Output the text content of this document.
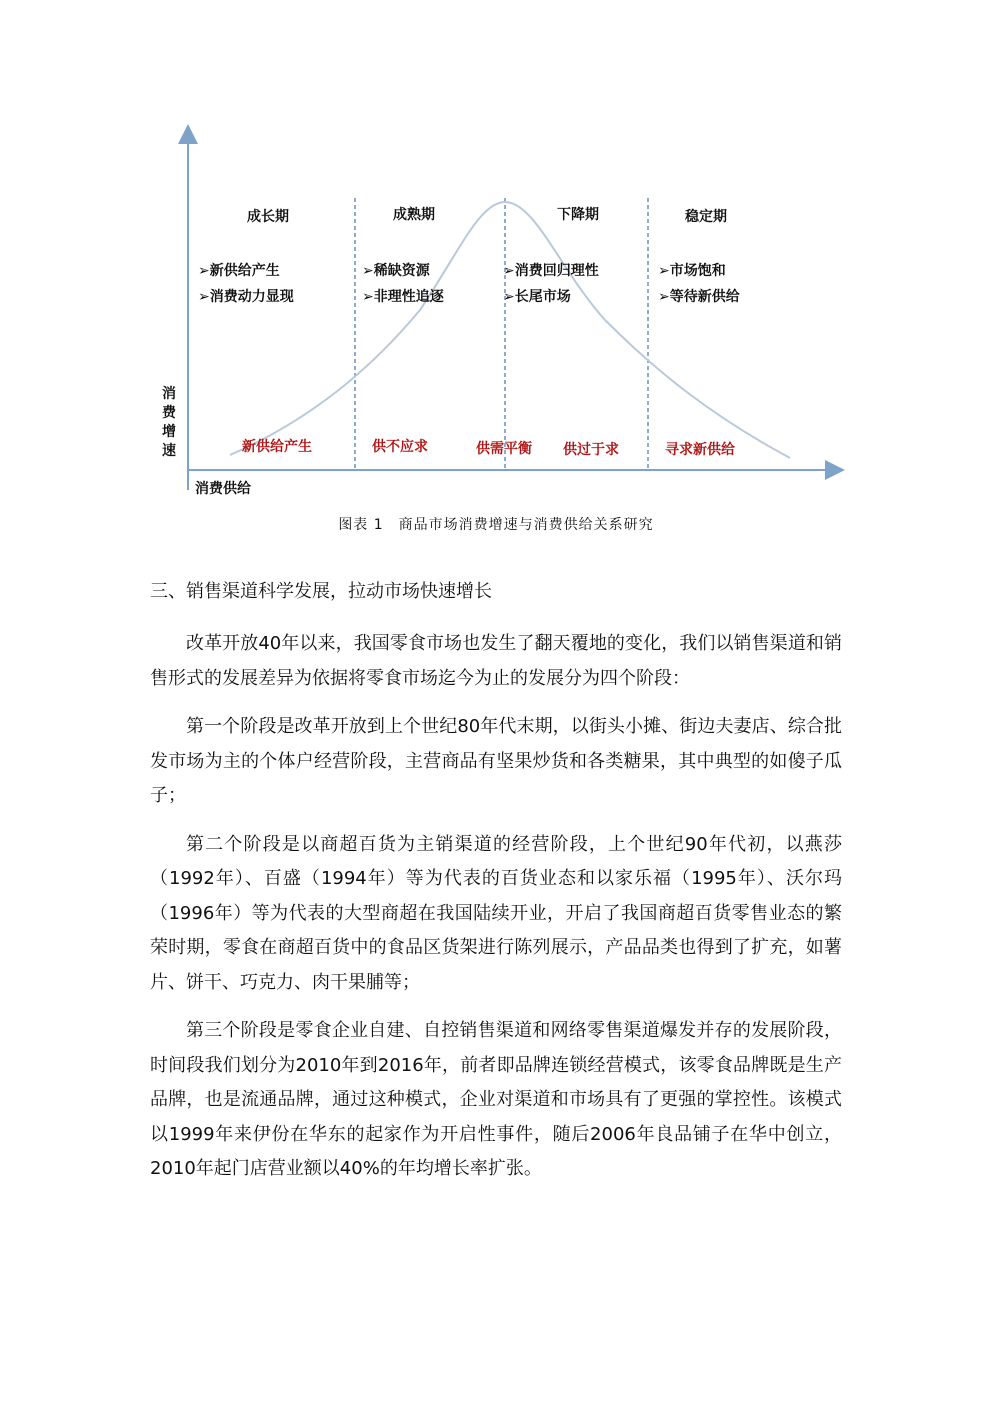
成长期	成熟期	下降期	稳定期
➢新供给产生
➢消费动力显现
➢稀缺资源
➢非理性追逐
➢消费回归理性
➢长尾市场
➢市场饱和
➢等待新供给
新供给产生	供不应求	供需平衡 供过于求	寻求新供给
消费增速
消费供给
图表 1　商品市场消费增速与消费供给关系研究
三、销售渠道科学发展，拉动市场快速增长

改革开放40年以来，我国零食市场也发生了翻天覆地的变化，我们以销售渠道和销售形式的发展差异为依据将零食市场迄今为止的发展分为四个阶段：

第一个阶段是改革开放到上个世纪80年代末期，以街头小摊、街边夫妻店、综合批发市场为主的个体户经营阶段，主营商品有坚果炒货和各类糖果，其中典型的如傻子瓜子；

第二个阶段是以商超百货为主销渠道的经营阶段，上个世纪90年代初，以燕莎（1992年）、百盛（1994年）等为代表的百货业态和以家乐福（1995年）、沃尔玛（1996年）等为代表的大型商超在我国陆续开业，开启了我国商超百货零售业态的繁荣时期，零食在商超百货中的食品区货架进行陈列展示，产品品类也得到了扩充，如薯片、饼干、巧克力、肉干果脯等；

第三个阶段是零食企业自建、自控销售渠道和网络零售渠道爆发并存的发展阶段，时间段我们划分为2010年到2016年，前者即品牌连锁经营模式，该零食品牌既是生产品牌，也是流通品牌，通过这种模式，企业对渠道和市场具有了更强的掌控性。该模式以1999年来伊份在华东的起家作为开启性事件，随后2006年良品铺子在华中创立，2010年起门店营业额以40%的年均增长率扩张。
